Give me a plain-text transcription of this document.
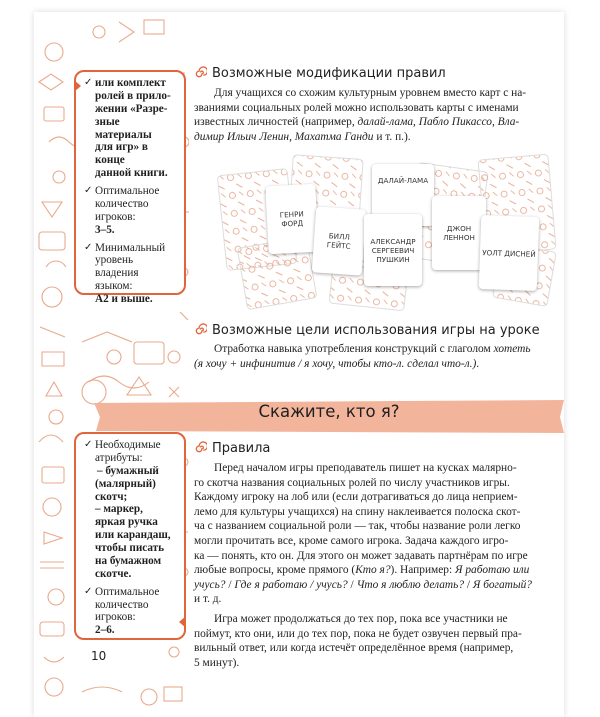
✓ или комплект
ролей в прило-
жении «Разре-
зные материалы
для игр» в конце
данной книги.
✓ Оптимальное
количество
игроков:
3–5.
✓ Минимальный
уровень
владения
языком:
А2 и выше.
Возможные модификации правил
Для учащихся со схожим культурным уровнем вместо карт с на-
званиями социальных ролей можно использовать карты с именами
известных личностей (например, далай-лама, Пабло Пикассо, Вла-
димир Ильич Ленин, Махатма Ганди и т. п.).
ГЕНРИ ФОРД
БИЛЛ ГЕЙТС
ДАЛАЙ-ЛАМА
АЛЕКСАНДР СЕРГЕЕВИЧ ПУШКИН
ДЖОН ЛЕННОН
УОЛТ ДИСНЕЙ
Возможные цели использования игры на уроке
Отработка навыка употребления конструкций с глаголом хотеть
(я хочу + инфинитив / я хочу, чтобы кто-л. сделал что-л.).
Скажите, кто я?
✓ Необходимые
атрибуты:
– бумажный
(малярный)
скотч;
– маркер,
яркая ручка
или карандаш,
чтобы писать
на бумажном
скотче.
✓ Оптимальное
количество
игроков:
2–6.
Правила
Перед началом игры преподаватель пишет на кусках малярно-
го скотча названия социальных ролей по числу участников игры.
Каждому игроку на лоб или (если дотрагиваться до лица неприем-
лемо для культуры учащихся) на спину наклеивается полоска скот-
ча с названием социальной роли — так, чтобы название роли легко
могли прочитать все, кроме самого игрока. Задача каждого игро-
ка — понять, кто он. Для этого он может задавать партнёрам по игре
любые вопросы, кроме прямого (Кто я?). Например: Я работаю или
учусь? / Где я работаю / учусь? / Что я люблю делать? / Я богатый?
и т. д.
Игра может продолжаться до тех пор, пока все участники не
поймут, кто они, или до тех пор, пока не будет озвучен первый пра-
вильный ответ, или когда истечёт определённое время (например,
5 минут).
10
